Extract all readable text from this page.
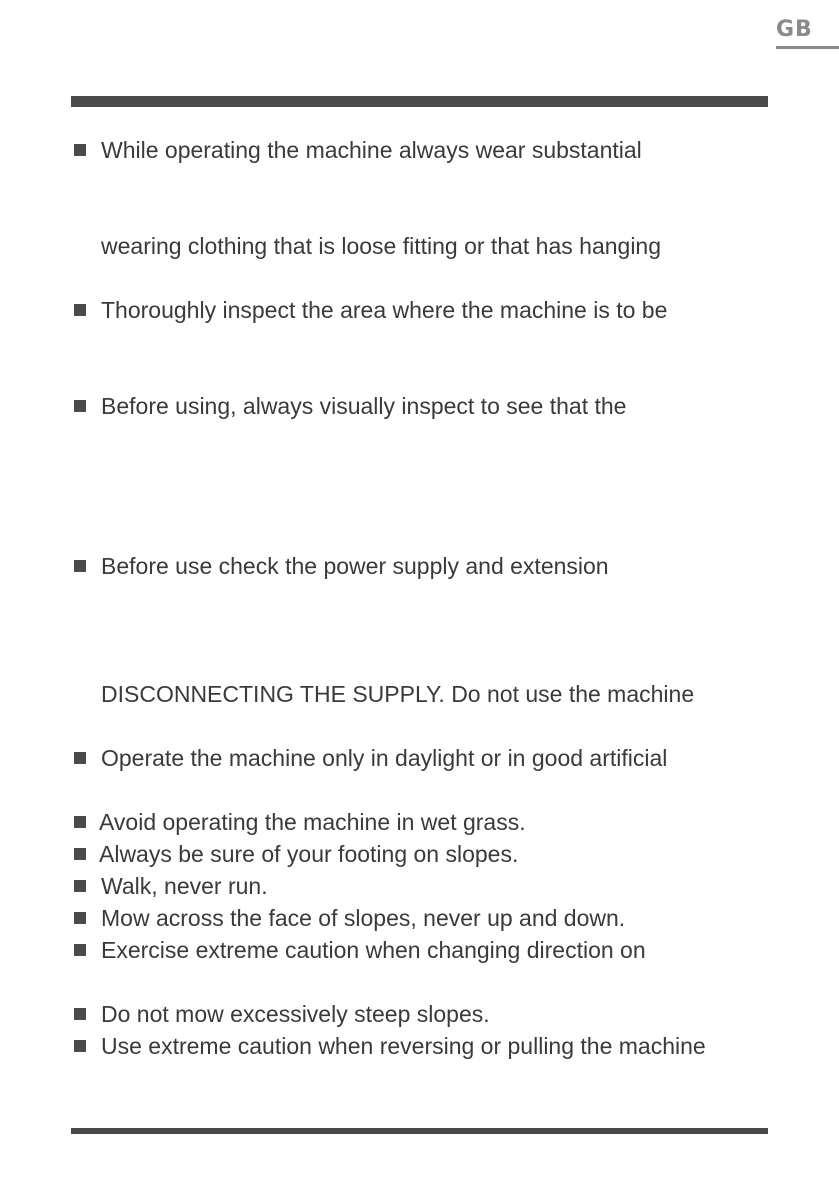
GB
While operating the machine always wear substantial
wearing clothing that is loose fitting or that has hanging
Thoroughly inspect the area where the machine is to be
Before using, always visually inspect to see that the
Before use check the power supply and extension
DISCONNECTING THE SUPPLY. Do not use the machine
Operate the machine only in daylight or in good artificial
Avoid operating the machine in wet grass.
Always be sure of your footing on slopes.
Walk, never run.
Mow across the face of slopes, never up and down.
Exercise extreme caution when changing direction on
Do not mow excessively steep slopes.
Use extreme caution when reversing or pulling the machine
